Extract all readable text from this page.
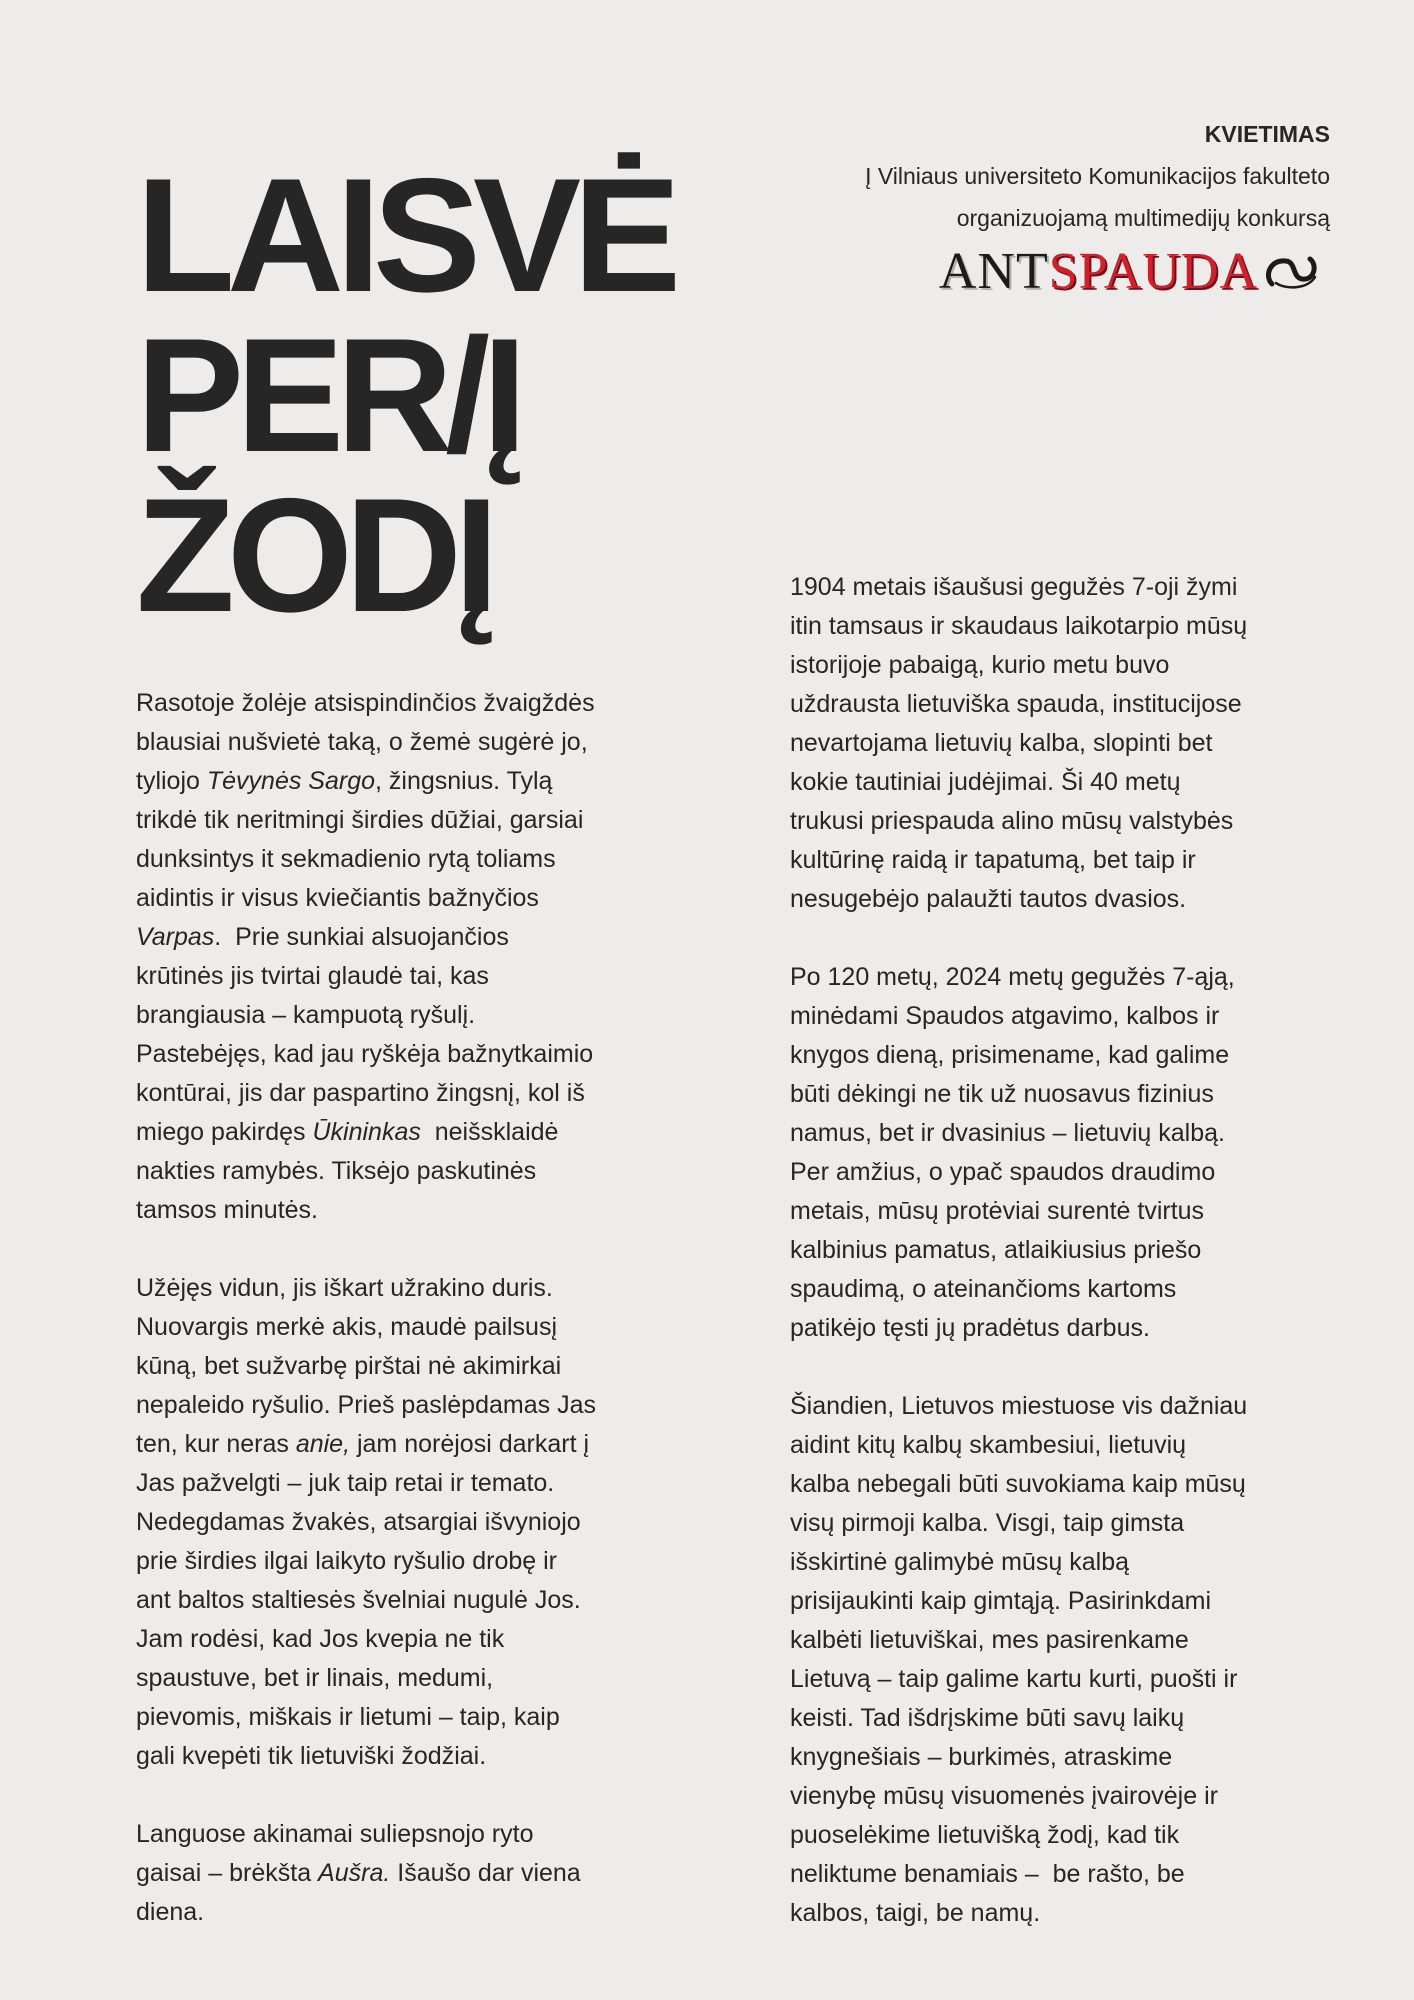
KVIETIMAS
Į Vilniaus universiteto Komunikacijos fakulteto
organizuojamą multimedijų konkursą
ANT SPAUDA
LAISVĖ
PER/Į
ŽODĮ
Rasotoje žolėje atsispindinčios žvaigždės
blausiai nušvietė taką, o žemė sugėrė jo,
tyliojo Tėvynės Sargo, žingsnius. Tylą
trikdė tik neritmingi širdies dūžiai, garsiai
dunksintys it sekmadienio rytą toliams
aidintis ir visus kviečiantis bažnyčios
Varpas.  Prie sunkiai alsuojančios
krūtinės jis tvirtai glaudė tai, kas
brangiausia – kampuotą ryšulį.
Pastebėjęs, kad jau ryškėja bažnytkaimio
kontūrai, jis dar paspartino žingsnį, kol iš
miego pakirdęs Ūkininkas  neišsklaidė
nakties ramybės. Tiksėjo paskutinės
tamsos minutės.
Užėjęs vidun, jis iškart užrakino duris.
Nuovargis merkė akis, maudė pailsusį
kūną, bet sužvarbę pirštai nė akimirkai
nepaleido ryšulio. Prieš paslėpdamas Jas
ten, kur neras anie, jam norėjosi darkart į
Jas pažvelgti – juk taip retai ir temato.
Nedegdamas žvakės, atsargiai išvyniojo
prie širdies ilgai laikyto ryšulio drobę ir
ant baltos staltiesės švelniai nugulė Jos.
Jam rodėsi, kad Jos kvepia ne tik
spaustuve, bet ir linais, medumi,
pievomis, miškais ir lietumi – taip, kaip
gali kvepėti tik lietuviški žodžiai.
Languose akinamai suliepsnojo ryto
gaisai – brėkšta Aušra. Išaušo dar viena
diena.
1904 metais išaušusi gegužės 7-oji žymi
itin tamsaus ir skaudaus laikotarpio mūsų
istorijoje pabaigą, kurio metu buvo
uždrausta lietuviška spauda, institucijose
nevartojama lietuvių kalba, slopinti bet
kokie tautiniai judėjimai. Ši 40 metų
trukusi priespauda alino mūsų valstybės
kultūrinę raidą ir tapatumą, bet taip ir
nesugebėjo palaužti tautos dvasios.
Po 120 metų, 2024 metų gegužės 7-ąją,
minėdami Spaudos atgavimo, kalbos ir
knygos dieną, prisimename, kad galime
būti dėkingi ne tik už nuosavus fizinius
namus, bet ir dvasinius – lietuvių kalbą.
Per amžius, o ypač spaudos draudimo
metais, mūsų protėviai surentė tvirtus
kalbinius pamatus, atlaikiusius priešo
spaudimą, o ateinančioms kartoms
patikėjo tęsti jų pradėtus darbus.
Šiandien, Lietuvos miestuose vis dažniau
aidint kitų kalbų skambesiui, lietuvių
kalba nebegali būti suvokiama kaip mūsų
visų pirmoji kalba. Visgi, taip gimsta
išskirtinė galimybė mūsų kalbą
prisijaukinti kaip gimtąją. Pasirinkdami
kalbėti lietuviškai, mes pasirenkame
Lietuvą – taip galime kartu kurti, puošti ir
keisti. Tad išdrįskime būti savų laikų
knygnešiais – burkimės, atraskime
vienybę mūsų visuomenės įvairovėje ir
puoselėkime lietuvišką žodį, kad tik
neliktume benamiais –  be rašto, be
kalbos, taigi, be namų.
